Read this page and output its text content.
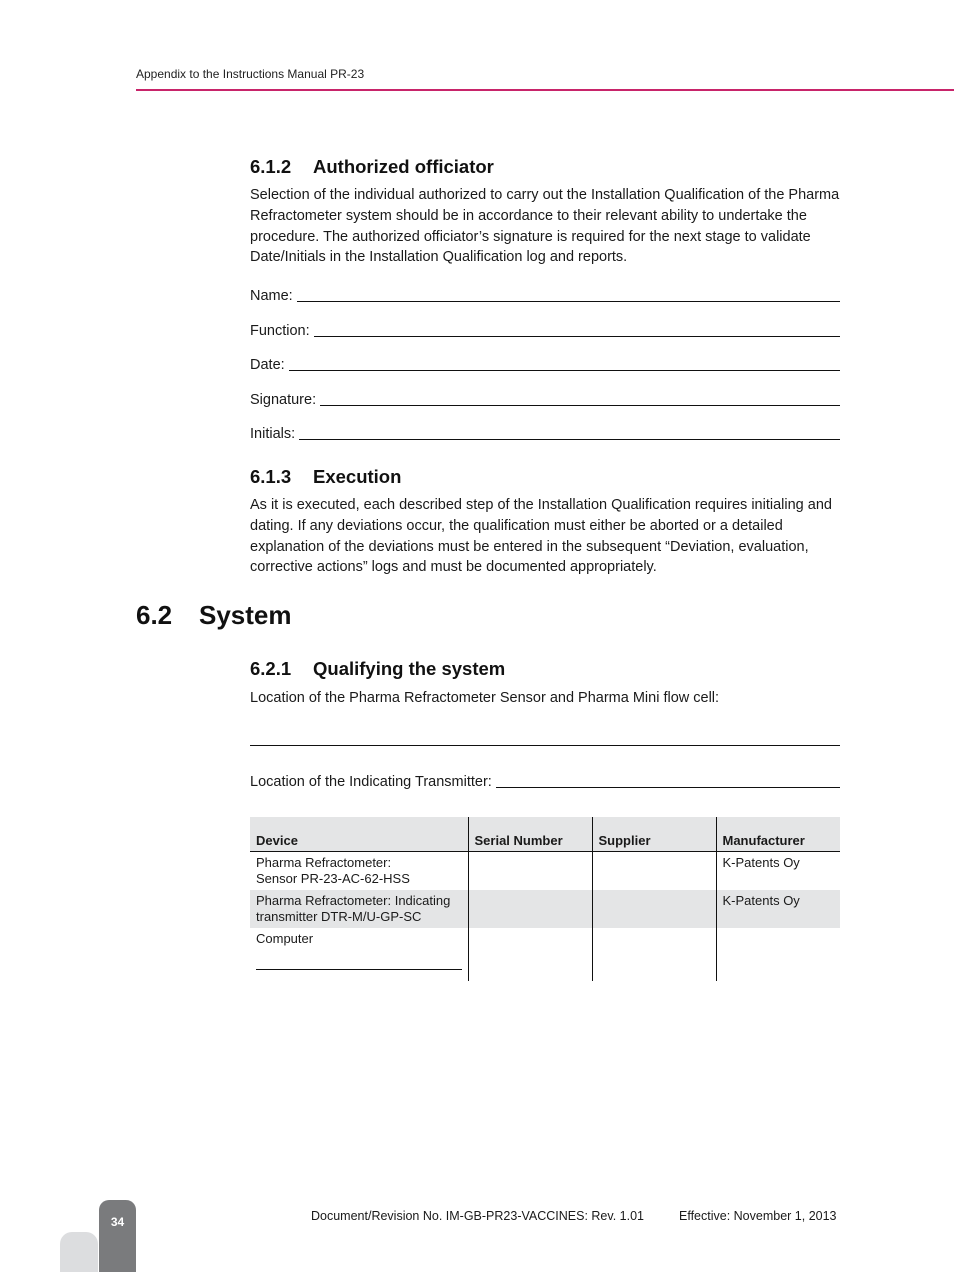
Appendix to the Instructions Manual PR-23
6.1.2 Authorized officiator
Selection of the individual authorized to carry out the Installation Qualification of the Pharma Refractometer system should be in accordance to their relevant ability to undertake the procedure. The authorized officiator’s signature is required for the next stage to validate Date/Initials in the Installation Qualification log and reports.
Name:
Function:
Date:
Signature:
Initials:
6.1.3 Execution
As it is executed, each described step of the Installation Qualification requires initialing and dating. If any deviations occur, the qualification must either be aborted or a detailed explanation of the deviations must be entered in the subsequent “Deviation, evaluation, corrective actions” logs and must be documented appropriately.
6.2 System
6.2.1 Qualifying the system
Location of the Pharma Refractometer Sensor and Pharma Mini flow cell:
Location of the Indicating Transmitter:
Device	Serial Number	Supplier	Manufacturer

Pharma Refractometer:
Sensor PR-23-AC-62-HSS			K-Patents Oy

Pharma Refractometer: Indicating
transmitter DTR-M/U-GP-SC			K-Patents Oy

Computer			

34	Document/Revision No. IM-GB-PR23-VACCINES: Rev. 1.01	Effective: November 1, 2013
